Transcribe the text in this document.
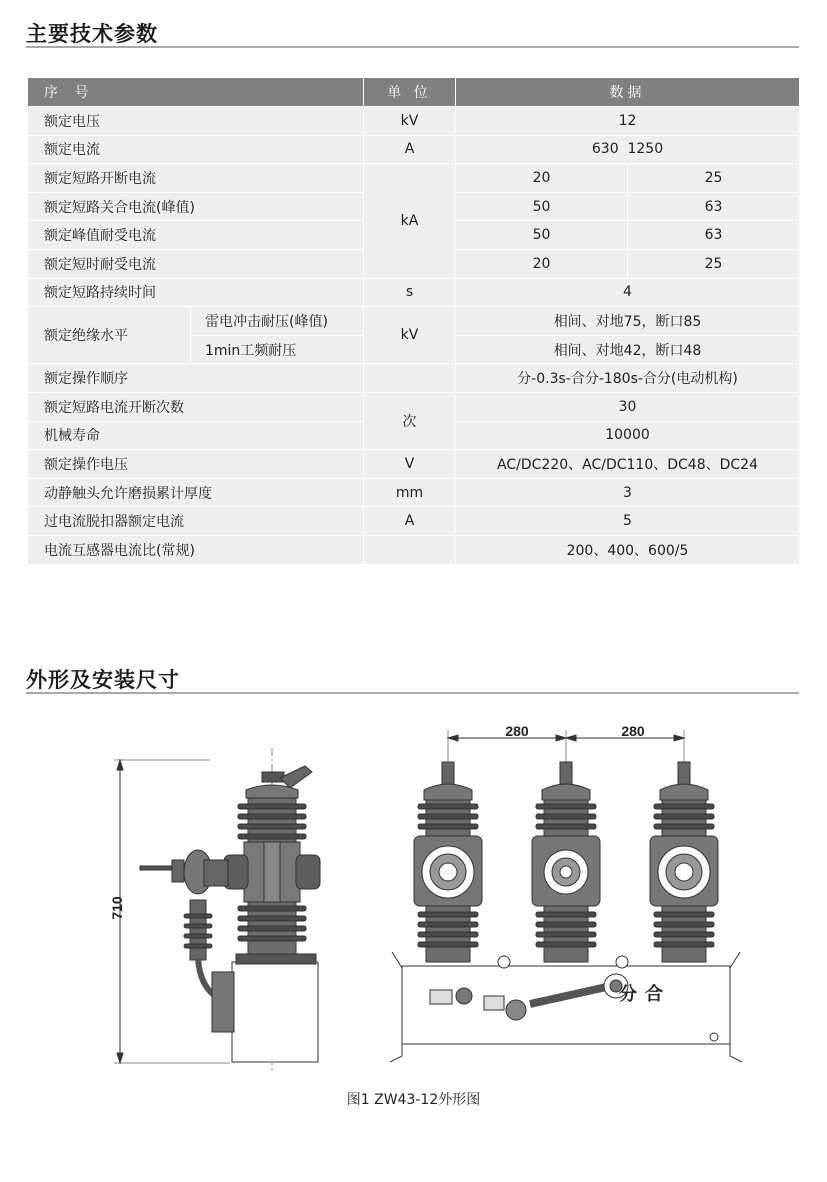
主要技术参数
序 号		单 位	数据	
额定电压		kV	12	
额定电流		A	630  1250	
额定短路开断电流		kA	20	25
额定短路关合电流(峰值)			50	63
额定峰值耐受电流			50	63
额定短时耐受电流			20	25
额定短路持续时间		s	4	
额定绝缘水平	雷电冲击耐压(峰值)	kV	相间、对地75，断口85	
	1min工频耐压		相间、对地42，断口48	
额定操作顺序			分-0.3s-合分-180s-合分(电动机构)	
额定短路电流开断次数		次	30	
机械寿命			10000	
额定操作电压		V	AC/DC220、AC/DC110、DC48、DC24	
动静触头允许磨损累计厚度		mm	3	
过电流脱扣器额定电流		A	5	
电流互感器电流比(常规)			200、400、600/5	
外形及安装尺寸
710
280	280
分 合
图1 ZW43-12外形图
